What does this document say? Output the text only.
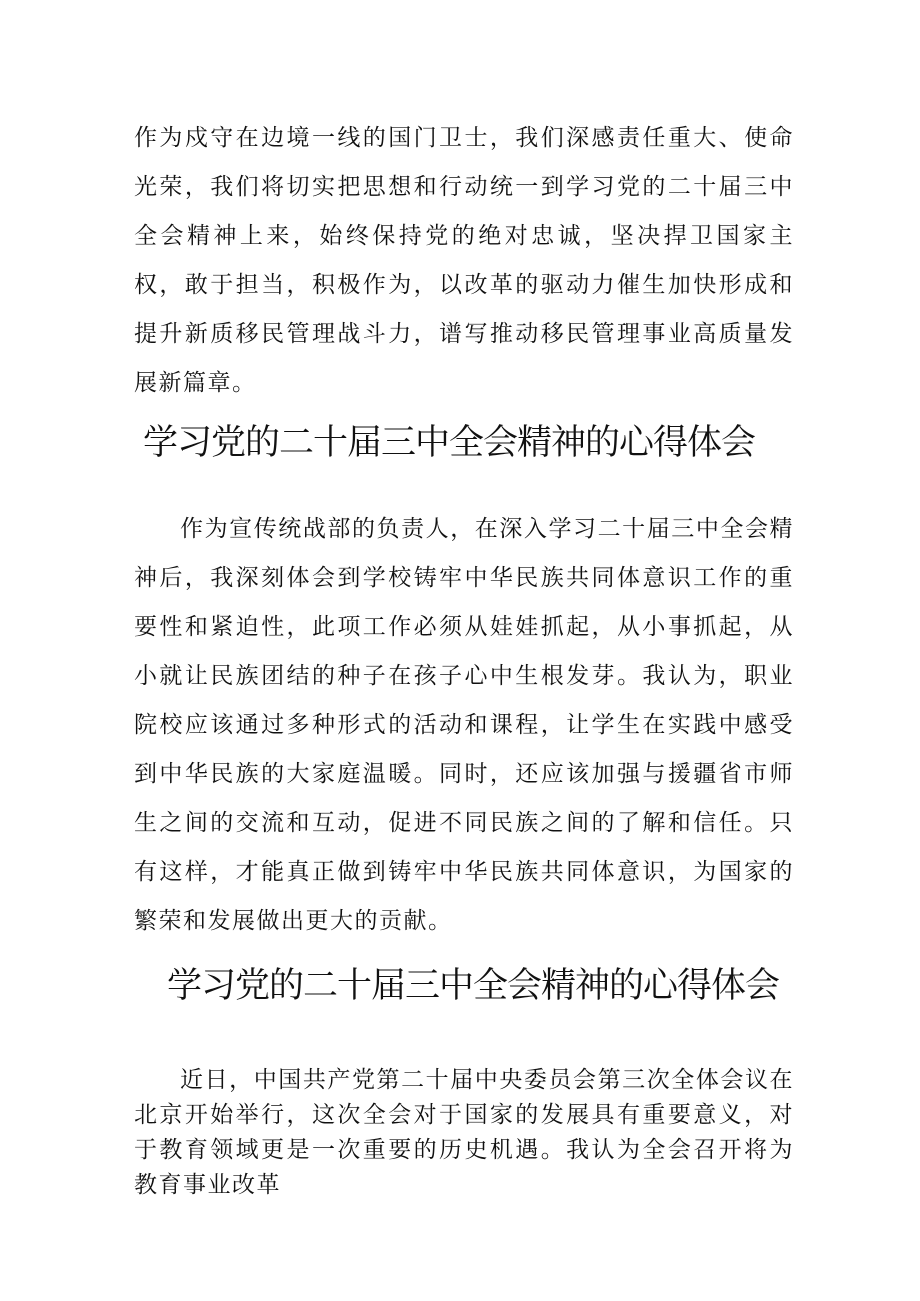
作为戍守在边境一线的国门卫士，我们深感责任重大、使命光荣，我们将切实把思想和行动统一到学习党的二十届三中全会精神上来，始终保持党的绝对忠诚，坚决捍卫国家主权，敢于担当，积极作为，以改革的驱动力催生加快形成和提升新质移民管理战斗力，谱写推动移民管理事业高质量发展新篇章。

学习党的二十届三中全会精神的心得体会

作为宣传统战部的负责人，在深入学习二十届三中全会精神后，我深刻体会到学校铸牢中华民族共同体意识工作的重要性和紧迫性，此项工作必须从娃娃抓起，从小事抓起，从小就让民族团结的种子在孩子心中生根发芽。我认为，职业院校应该通过多种形式的活动和课程，让学生在实践中感受到中华民族的大家庭温暖。同时，还应该加强与援疆省市师生之间的交流和互动，促进不同民族之间的了解和信任。只有这样，才能真正做到铸牢中华民族共同体意识，为国家的繁荣和发展做出更大的贡献。

学习党的二十届三中全会精神的心得体会

近日，中国共产党第二十届中央委员会第三次全体会议在北京开始举行，这次全会对于国家的发展具有重要意义，对于教育领域更是一次重要的历史机遇。我认为全会召开将为教育事业改革
